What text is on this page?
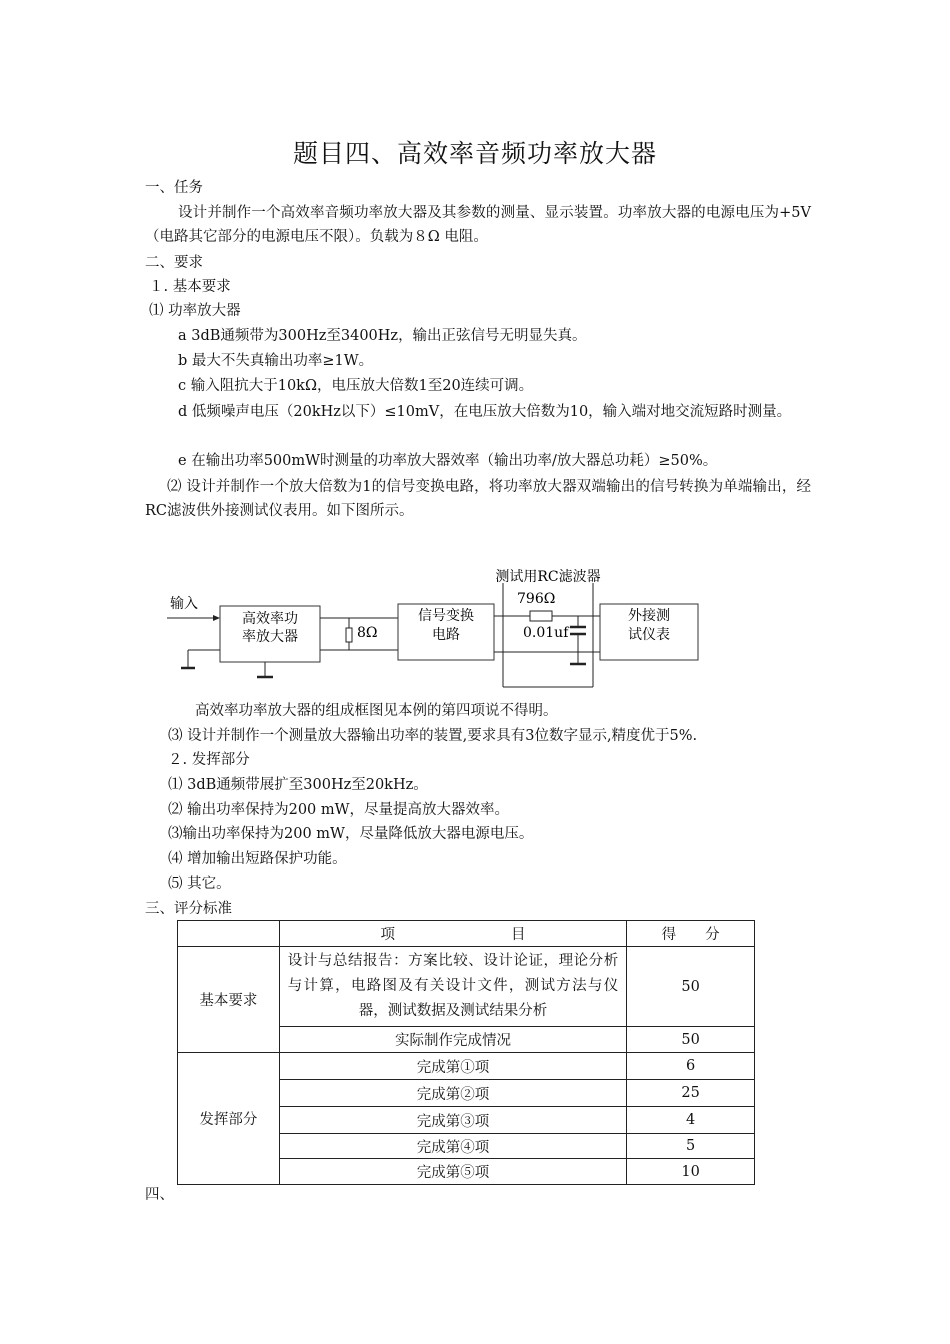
题目四、高效率音频功率放大器
一、任务
设计并制作一个高效率音频功率放大器及其参数的测量、显示装置。功率放大器的电源电压为+5V（电路其它部分的电源电压不限）。负载为８Ω 电阻。
二、要求
１. 基本要求
⑴ 功率放大器
a 3dB通频带为300Hz至3400Hz，输出正弦信号无明显失真。
b 最大不失真输出功率≥1W。
c 输入阻抗大于10kΩ，电压放大倍数1至20连续可调。
d 低频噪声电压（20kHz以下）≤10mV，在电压放大倍数为10，输入端对地交流短路时测量。
e 在输出功率500mW时测量的功率放大器效率（输出功率/放大器总功耗）≥50%。
⑵ 设计并制作一个放大倍数为1的信号变换电路，将功率放大器双端输出的信号转换为单端输出，经RC滤波供外接测试仪表用。如下图所示。
测试用RC滤波器
输入
高效率功
率放大器	8Ω
信号变换
电路
796Ω
0.01uf
外接测
试仪表
高效率功率放大器的组成框图见本例的第四项说不得明。
⑶ 设计并制作一个测量放大器输出功率的装置,要求具有3位数字显示,精度优于5%.
２. 发挥部分
⑴ 3dB通频带展扩至300Hz至20kHz。
⑵ 输出功率保持为200 mW，尽量提高放大器效率。
⑶输出功率保持为200 mW，尽量降低放大器电源电压。
⑷ 增加输出短路保护功能。
⑸ 其它。
三、评分标准
	项　　　　　　　　目	得　　分
基本要求	设计与总结报告：方案比较、设计论证，理论分析与计算，电路图及有关设计文件，测试方法与仪器，测试数据及测试结果分析	50
	实际制作完成情况	50
发挥部分	完成第①项	6
	完成第②项	25
	完成第③项	4
	完成第④项	5
	完成第⑤项	10
四、
